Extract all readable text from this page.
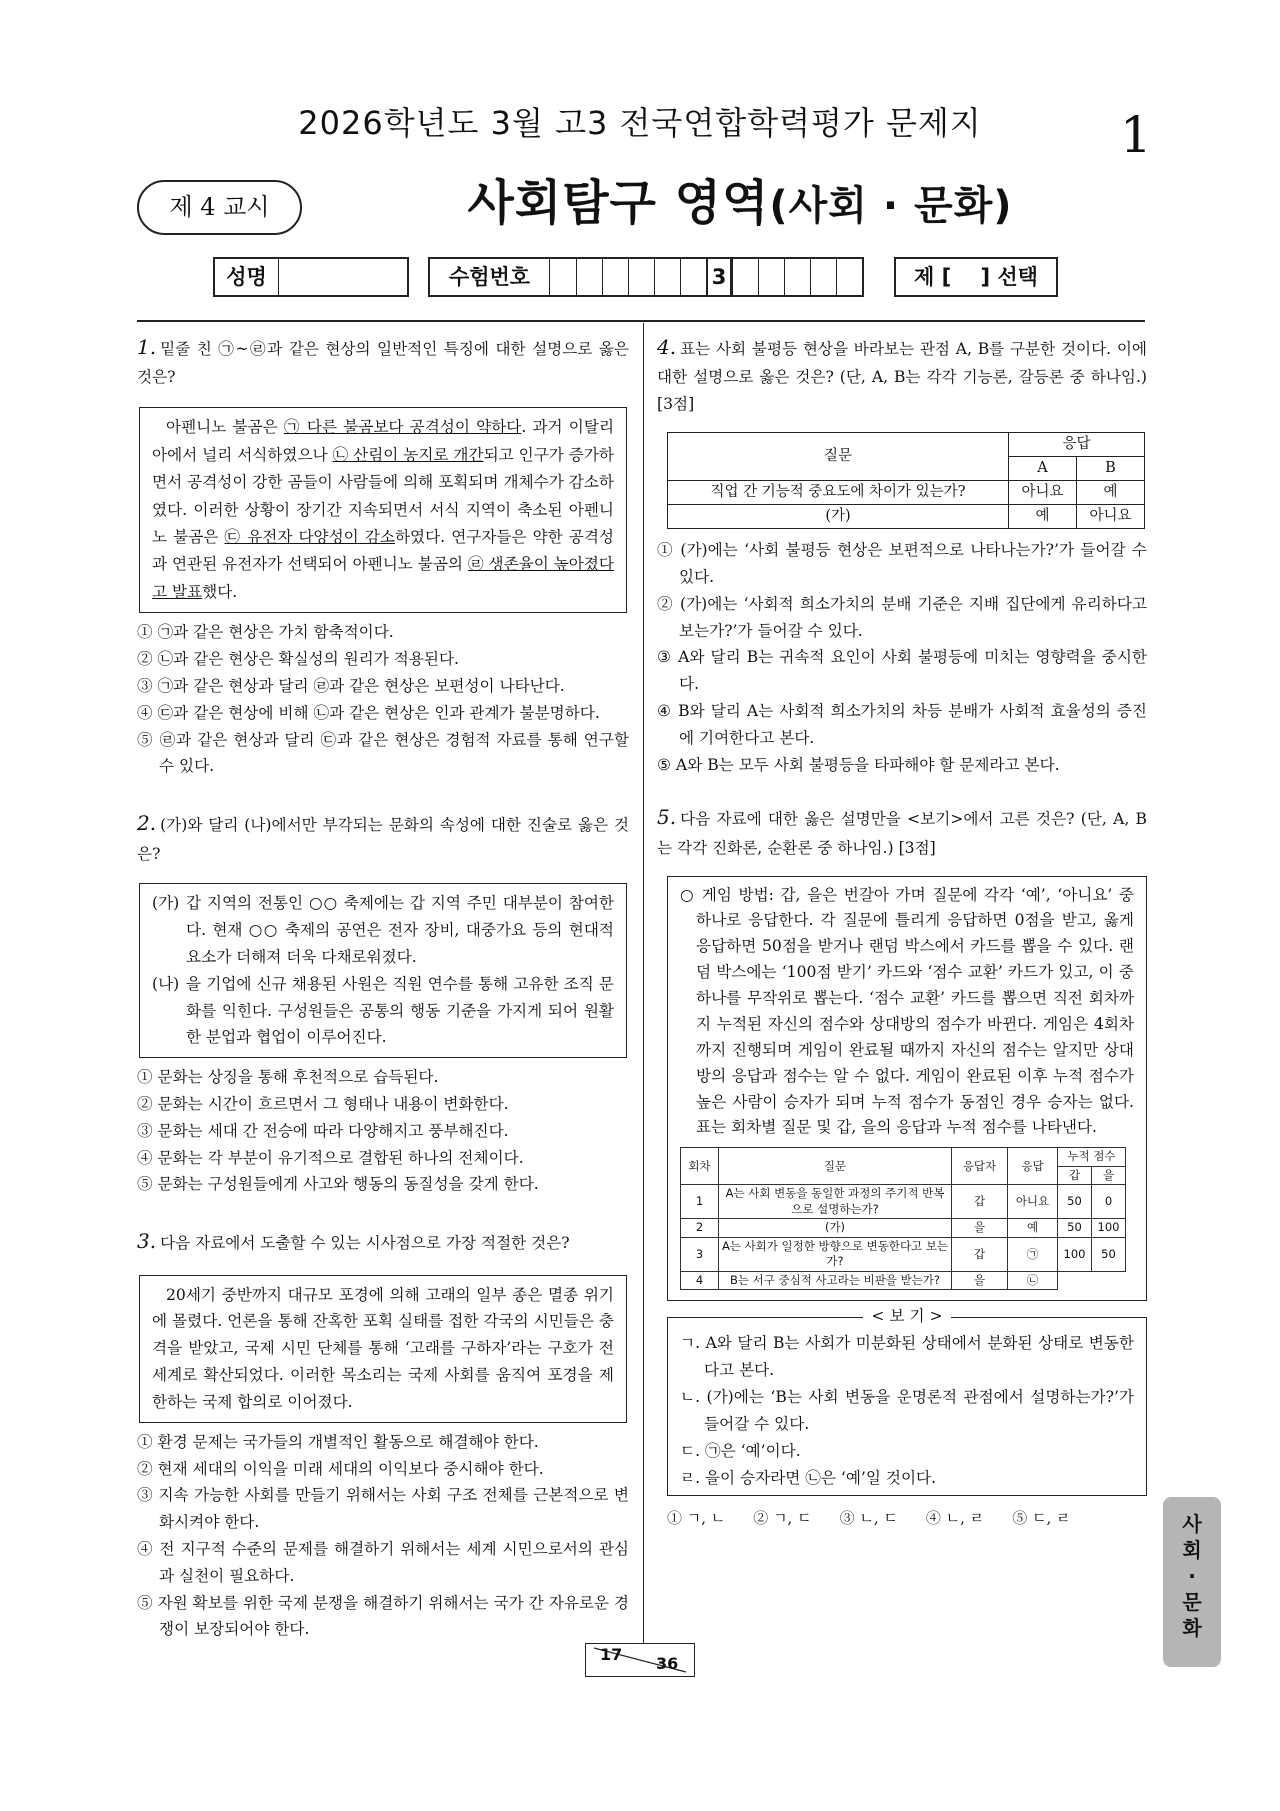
2026학년도 3월 고3 전국연합학력평가 문제지	1
제 4 교시	사회탐구 영역(사회 · 문화)
성명	수험번호	3	제 [    ] 선택
1. 밑줄 친 ㉠~㉣과 같은 현상의 일반적인 특징에 대한 설명으로 옳은 것은?
아펜니노 불곰은 ㉠ 다른 불곰보다 공격성이 약하다. 과거 이탈리아에서 널리 서식하였으나 ㉡ 산림이 농지로 개간되고 인구가 증가하면서 공격성이 강한 곰들이 사람들에 의해 포획되며 개체수가 감소하였다. 이러한 상황이 장기간 지속되면서 서식 지역이 축소된 아펜니노 불곰은 ㉢ 유전자 다양성이 감소하였다. 연구자들은 약한 공격성과 연관된 유전자가 선택되어 아펜니노 불곰의 ㉣ 생존율이 높아졌다고 발표했다.
① ㉠과 같은 현상은 가치 함축적이다.
② ㉡과 같은 현상은 확실성의 원리가 적용된다.
③ ㉠과 같은 현상과 달리 ㉣과 같은 현상은 보편성이 나타난다.
④ ㉢과 같은 현상에 비해 ㉡과 같은 현상은 인과 관계가 불분명하다.
⑤ ㉣과 같은 현상과 달리 ㉢과 같은 현상은 경험적 자료를 통해 연구할 수 있다.
2. (가)와 달리 (나)에서만 부각되는 문화의 속성에 대한 진술로 옳은 것은?
(가) 갑 지역의 전통인 ○○ 축제에는 갑 지역 주민 대부분이 참여한다. 현재 ○○ 축제의 공연은 전자 장비, 대중가요 등의 현대적 요소가 더해져 더욱 다채로워졌다.
(나) 을 기업에 신규 채용된 사원은 직원 연수를 통해 고유한 조직 문화를 익힌다. 구성원들은 공통의 행동 기준을 가지게 되어 원활한 분업과 협업이 이루어진다.
① 문화는 상징을 통해 후천적으로 습득된다.
② 문화는 시간이 흐르면서 그 형태나 내용이 변화한다.
③ 문화는 세대 간 전승에 따라 다양해지고 풍부해진다.
④ 문화는 각 부분이 유기적으로 결합된 하나의 전체이다.
⑤ 문화는 구성원들에게 사고와 행동의 동질성을 갖게 한다.
3. 다음 자료에서 도출할 수 있는 시사점으로 가장 적절한 것은?
20세기 중반까지 대규모 포경에 의해 고래의 일부 종은 멸종 위기에 몰렸다. 언론을 통해 잔혹한 포획 실태를 접한 각국의 시민들은 충격을 받았고, 국제 시민 단체를 통해 ‘고래를 구하자’라는 구호가 전 세계로 확산되었다. 이러한 목소리는 국제 사회를 움직여 포경을 제한하는 국제 합의로 이어졌다.
① 환경 문제는 국가들의 개별적인 활동으로 해결해야 한다.
② 현재 세대의 이익을 미래 세대의 이익보다 중시해야 한다.
③ 지속 가능한 사회를 만들기 위해서는 사회 구조 전체를 근본적으로 변화시켜야 한다.
④ 전 지구적 수준의 문제를 해결하기 위해서는 세계 시민으로서의 관심과 실천이 필요하다.
⑤ 자원 확보를 위한 국제 분쟁을 해결하기 위해서는 국가 간 자유로운 경쟁이 보장되어야 한다.
4. 표는 사회 불평등 현상을 바라보는 관점 A, B를 구분한 것이다. 이에 대한 설명으로 옳은 것은? (단, A, B는 각각 기능론, 갈등론 중 하나임.) [3점]
질문	응답	
	A	B
직업 간 기능적 중요도에 차이가 있는가?	아니요	예
(가)	예	아니요
① (가)에는 ‘사회 불평등 현상은 보편적으로 나타나는가?’가 들어갈 수 있다.
② (가)에는 ‘사회적 희소가치의 분배 기준은 지배 집단에게 유리하다고 보는가?’가 들어갈 수 있다.
③ A와 달리 B는 귀속적 요인이 사회 불평등에 미치는 영향력을 중시한다.
④ B와 달리 A는 사회적 희소가치의 차등 분배가 사회적 효율성의 증진에 기여한다고 본다.
⑤ A와 B는 모두 사회 불평등을 타파해야 할 문제라고 본다.
5. 다음 자료에 대한 옳은 설명만을 <보기>에서 고른 것은? (단, A, B는 각각 진화론, 순환론 중 하나임.) [3점]
○ 게임 방법: 갑, 을은 번갈아 가며 질문에 각각 ‘예’, ‘아니요’ 중 하나로 응답한다. 각 질문에 틀리게 응답하면 0점을 받고, 옳게 응답하면 50점을 받거나 랜덤 박스에서 카드를 뽑을 수 있다. 랜덤 박스에는 ‘100점 받기’ 카드와 ‘점수 교환’ 카드가 있고, 이 중 하나를 무작위로 뽑는다. ‘점수 교환’ 카드를 뽑으면 직전 회차까지 누적된 자신의 점수와 상대방의 점수가 바뀐다. 게임은 4회차까지 진행되며 게임이 완료될 때까지 자신의 점수는 알지만 상대방의 응답과 점수는 알 수 없다. 게임이 완료된 이후 누적 점수가 높은 사람이 승자가 되며 누적 점수가 동점인 경우 승자는 없다. 표는 회차별 질문 및 갑, 을의 응답과 누적 점수를 나타낸다.
회차	질문	응답자	응답	누적 점수	
				갑	을
1	A는 사회 변동을 동일한 과정의 주기적 반복으로 설명하는가?	갑	아니요	50	0
2	(가)	을	예	50	100
3	A는 사회가 일정한 방향으로 변동한다고 보는가?	갑	㉠	100	50
4	B는 서구 중심적 사고라는 비판을 받는가?	을	㉡		
< 보 기 >
ㄱ. A와 달리 B는 사회가 미분화된 상태에서 분화된 상태로 변동한다고 본다.
ㄴ. (가)에는 ‘B는 사회 변동을 운명론적 관점에서 설명하는가?’가 들어갈 수 있다.
ㄷ. ㉠은 ‘예’이다.
ㄹ. 을이 승자라면 ㉡은 ‘예’일 것이다.
① ㄱ, ㄴ ② ㄱ, ㄷ ③ ㄴ, ㄷ ④ ㄴ, ㄹ ⑤ ㄷ, ㄹ
17 36
사회 · 문화
